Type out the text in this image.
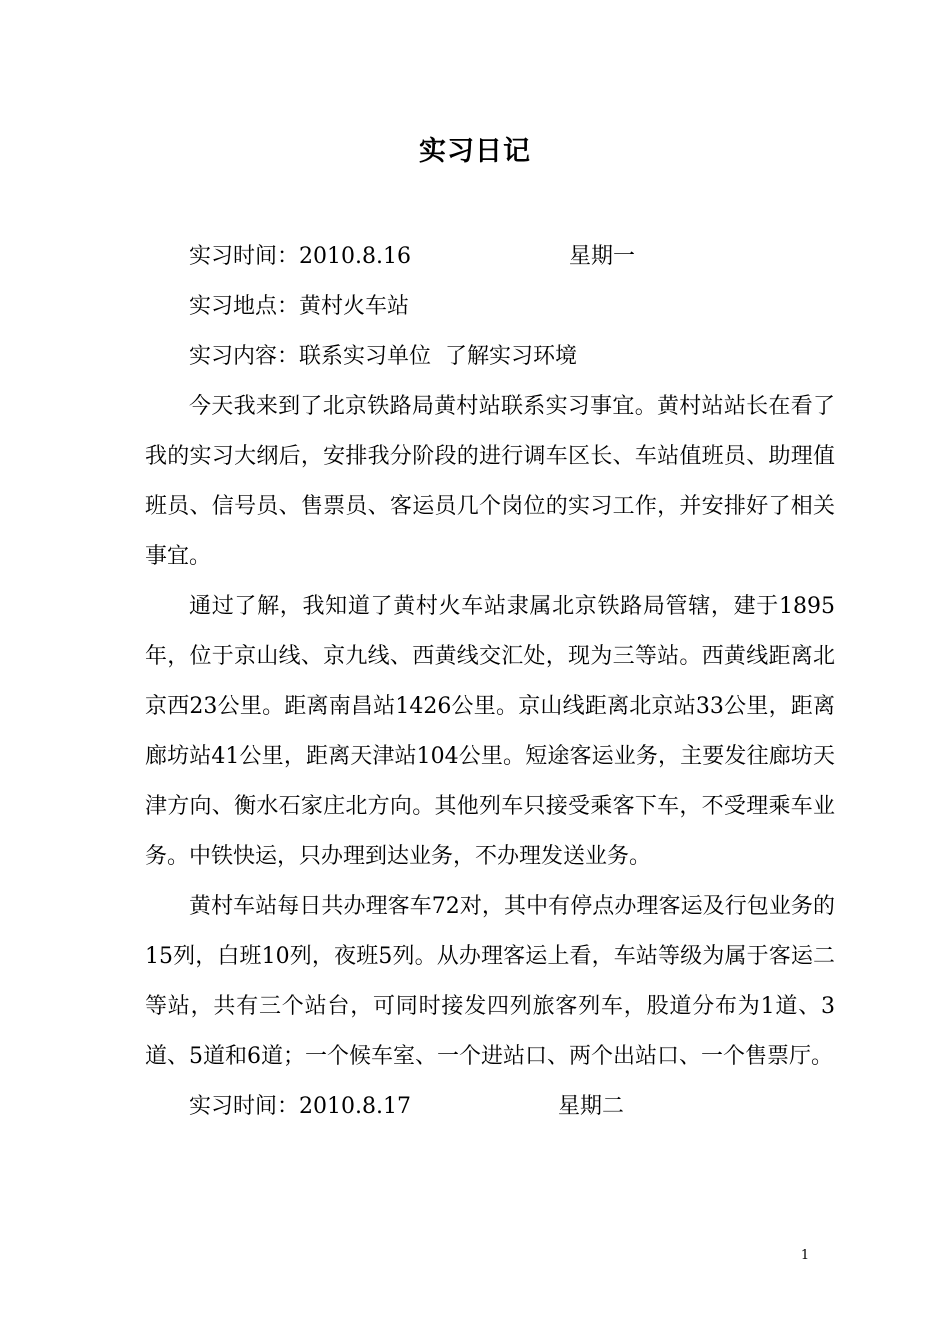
实习日记
实习时间：2010.8.16	星期一
实习地点：黄村火车站
实习内容：联系实习单位  了解实习环境

今天我来到了北京铁路局黄村站联系实习事宜。黄村站站长在看了我的实习大纲后，安排我分阶段的进行调车区长、车站值班员、助理值班员、信号员、售票员、客运员几个岗位的实习工作，并安排好了相关事宜。

通过了解，我知道了黄村火车站隶属北京铁路局管辖，建于1895年，位于京山线、京九线、西黄线交汇处，现为三等站。西黄线距离北京西23公里。距离南昌站1426公里。京山线距离北京站33公里，距离廊坊站41公里，距离天津站104公里。短途客运业务，主要发往廊坊天津方向、衡水石家庄北方向。其他列车只接受乘客下车，不受理乘车业务。中铁快运，只办理到达业务，不办理发送业务。

黄村车站每日共办理客车72对，其中有停点办理客运及行包业务的15列，白班10列，夜班5列。从办理客运上看，车站等级为属于客运二等站，共有三个站台，可同时接发四列旅客列车，股道分布为1道、3道、5道和6道；一个候车室、一个进站口、两个出站口、一个售票厅。

实习时间：2010.8.17	星期二
1
